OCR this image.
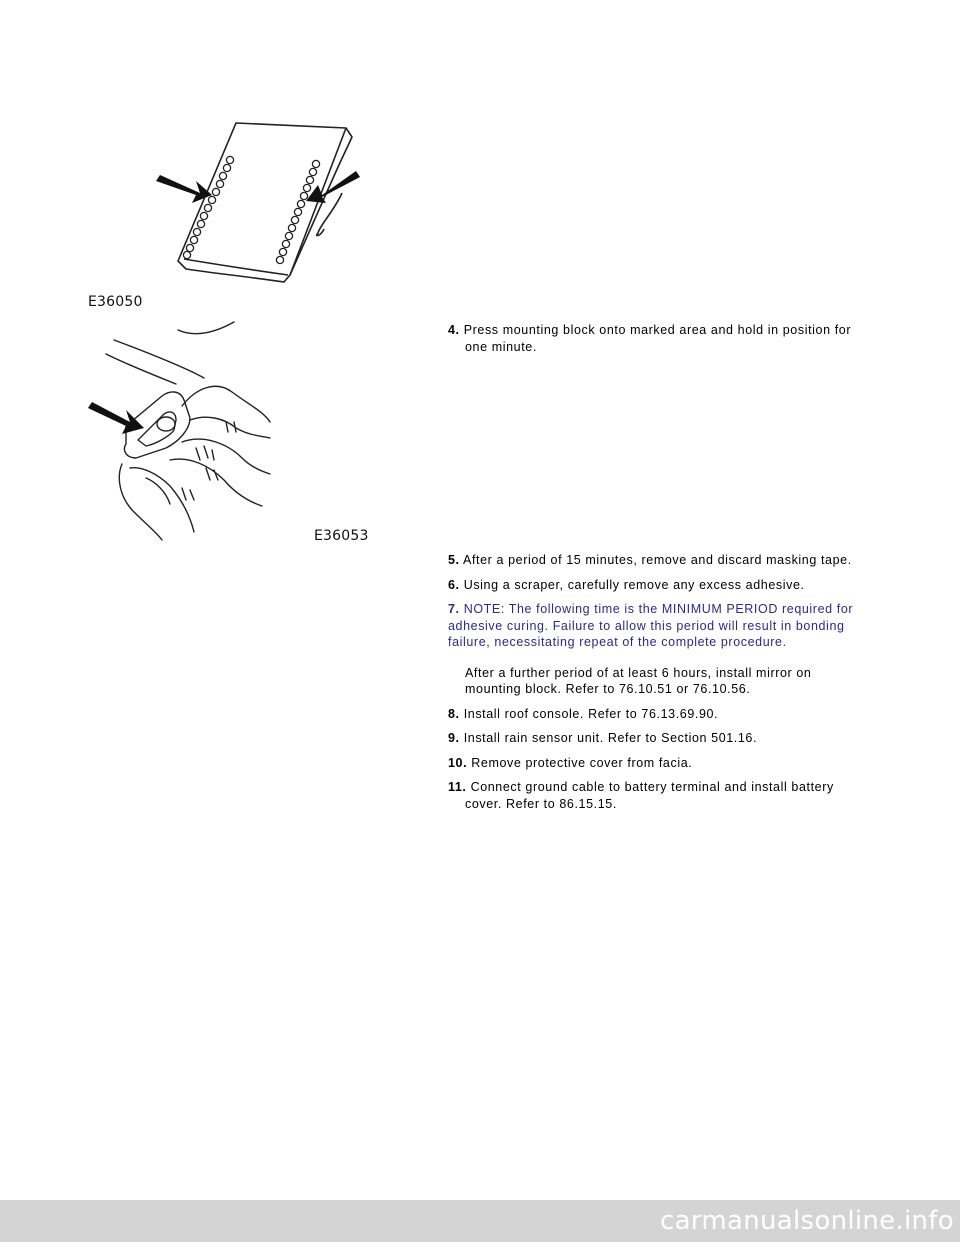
E36050
E36053

4. Press mounting block onto marked area and hold in position for one minute.

5. After a period of 15 minutes, remove and discard masking tape.

6. Using a scraper, carefully remove any excess adhesive.

7. NOTE: The following time is the MINIMUM PERIOD required for adhesive curing. Failure to allow this period will result in bonding failure, necessitating repeat of the complete procedure.

After a further period of at least 6 hours, install mirror on mounting block. Refer to 76.10.51 or 76.10.56.

8. Install roof console. Refer to 76.13.69.90.

9. Install rain sensor unit. Refer to Section 501.16.

10. Remove protective cover from facia.

11. Connect ground cable to battery terminal and install battery cover. Refer to 86.15.15.

carmanualsonline.info
